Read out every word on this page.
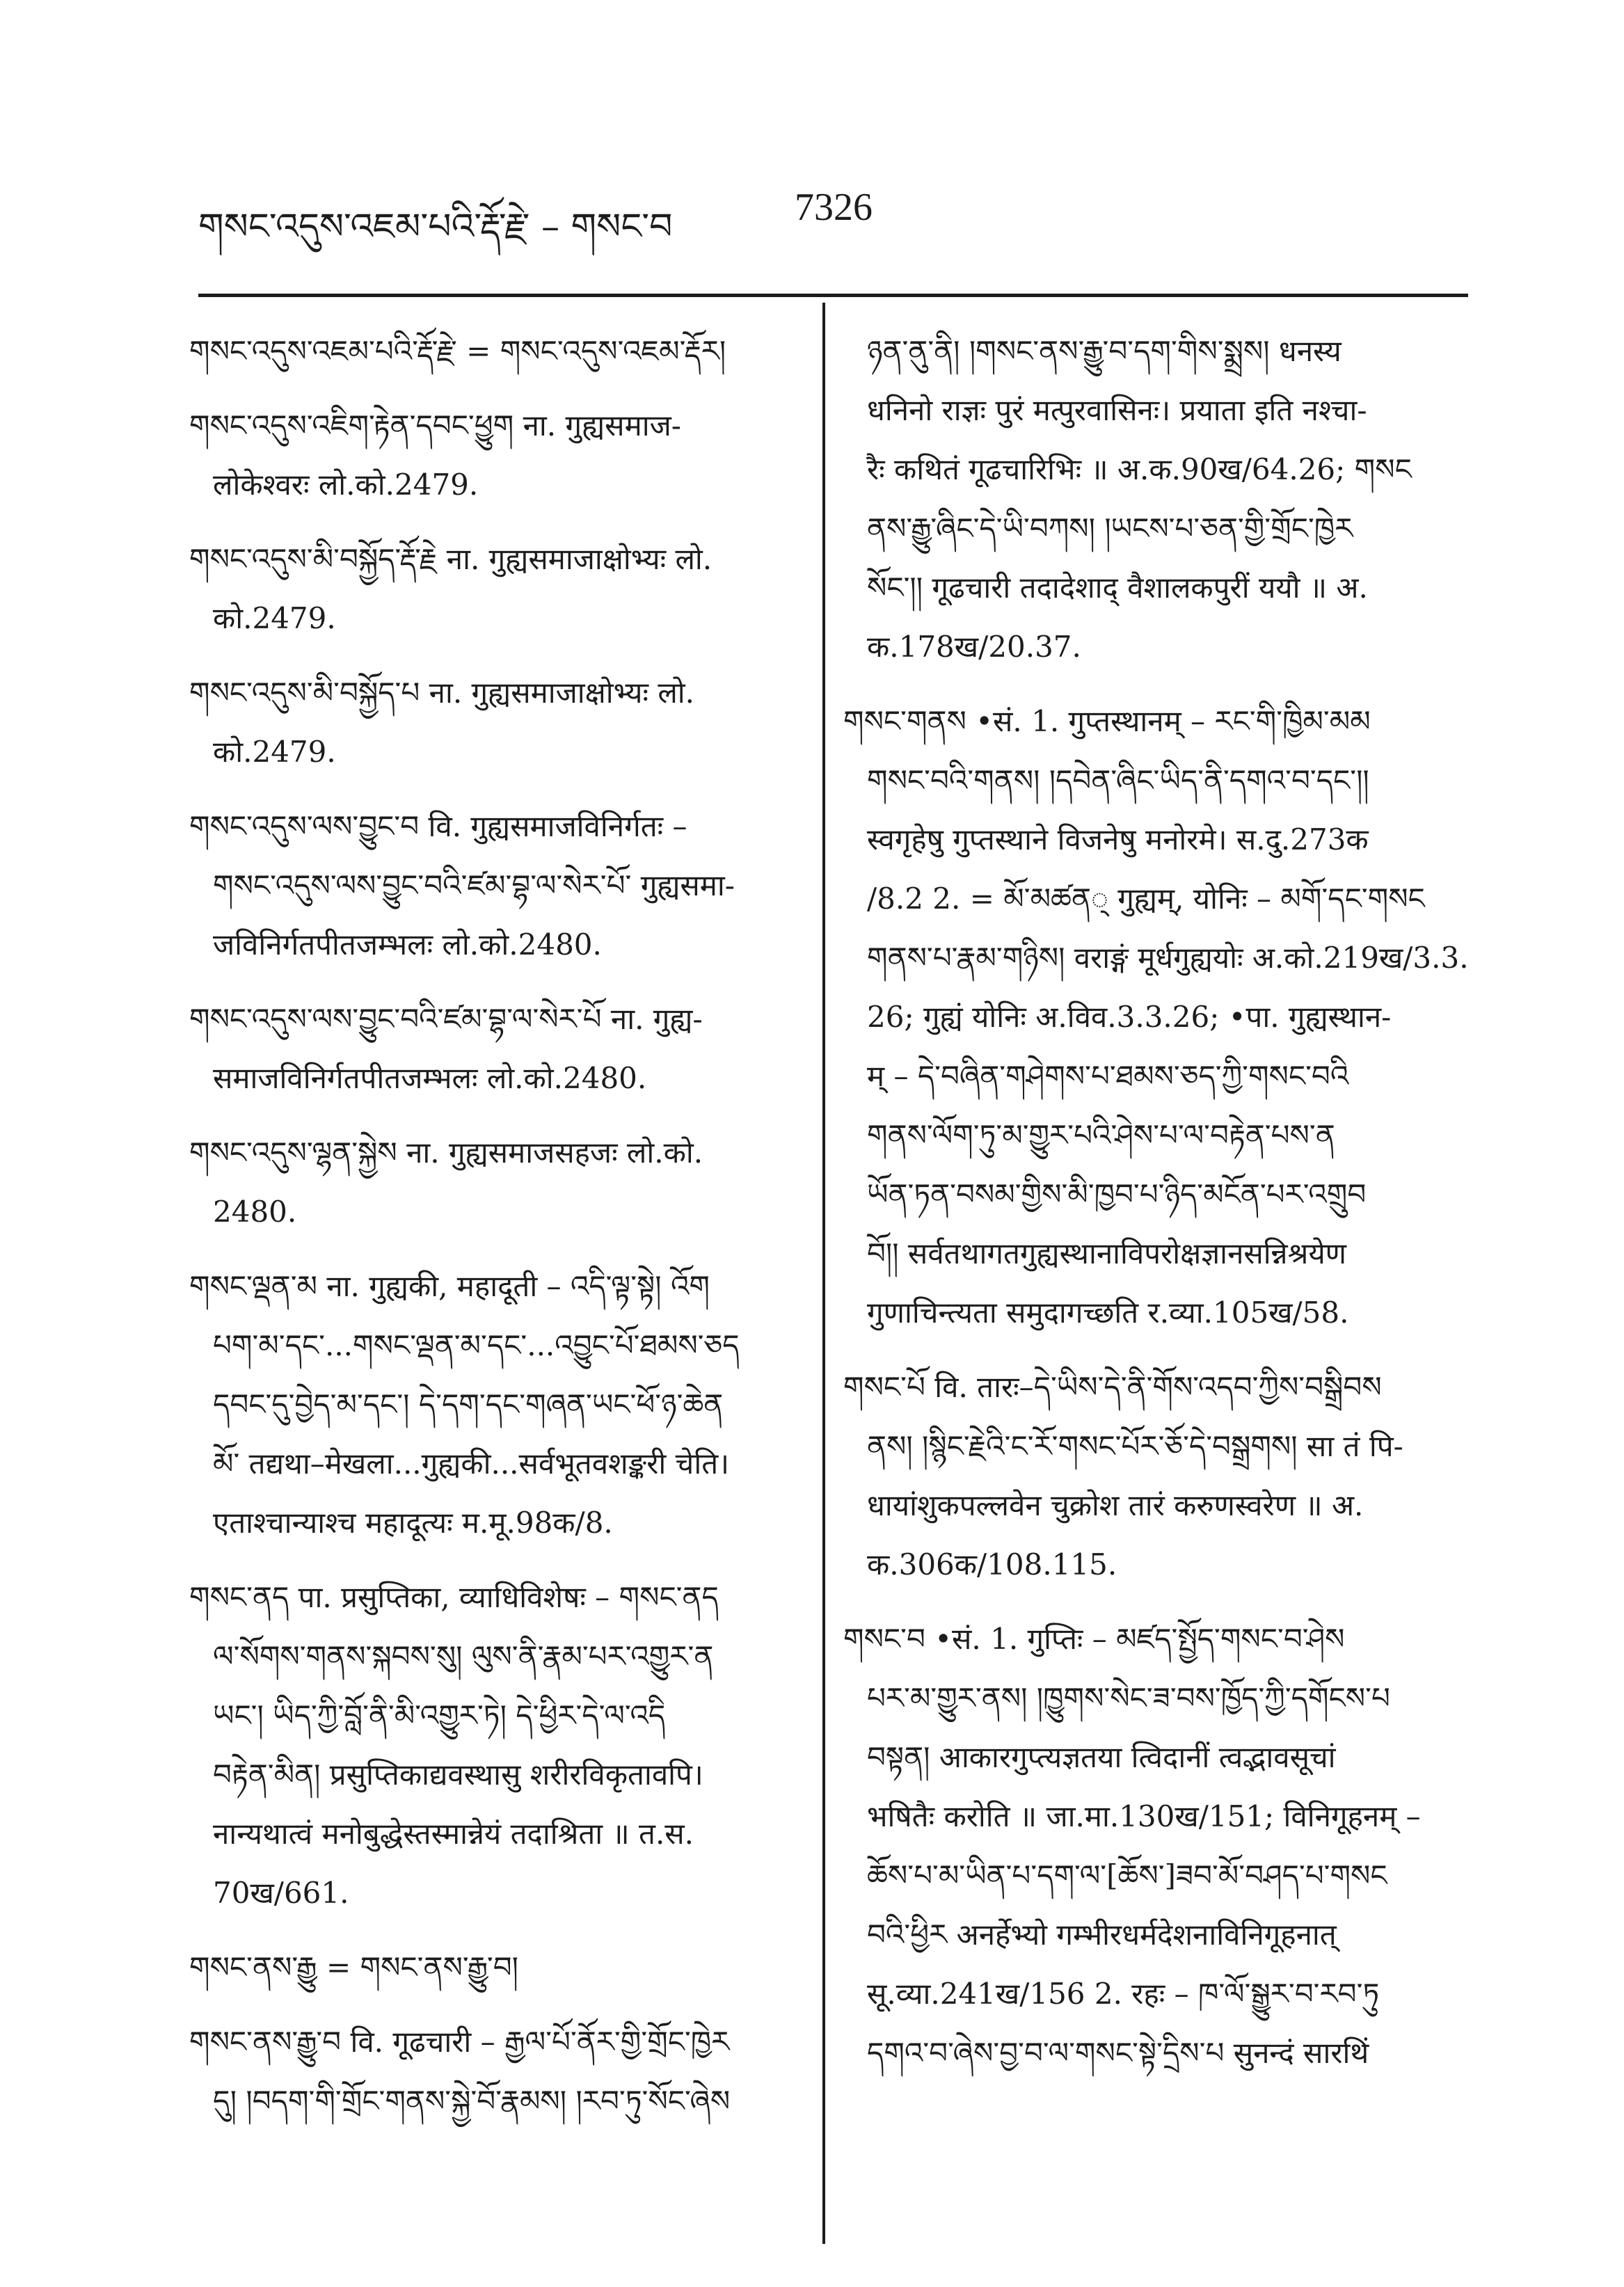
གསང་འདུས་འཇམ་པའི་རྡོ་རྗེ་ – གསང་བ	7326
གསང་འདུས་འཇམ་པའི་རྡོ་རྗེ་ = གསང་འདུས་འཇམ་རྡོར།
གསང་འདུས་འཇིག་རྟེན་དབང་ཕྱུག ना. गुह्यसमाज-
लोकेश्वरः लो.को.2479.
གསང་འདུས་མི་བསྐྱོད་རྡོ་རྗེ ना. गुह्यसमाजाक्षोभ्यः लो.
को.2479.
གསང་འདུས་མི་བསྐྱོད་པ ना. गुह्यसमाजाक्षोभ्यः लो.
को.2479.
གསང་འདུས་ལས་བྱུང་བ वि. गुह्यसमाजविनिर्गतः –
གསང་འདུས་ལས་བྱུང་བའི་ཛམ་བྷ་ལ་སེར་པོ་ गुह्यसमा-
जविनिर्गतपीतजम्भलः लो.को.2480.
གསང་འདུས་ལས་བྱུང་བའི་ཛམ་བྷ་ལ་སེར་པོ ना. गुह्य-
समाजविनिर्गतपीतजम्भलः लो.को.2480.
གསང་འདུས་ལྷན་སྐྱེས ना. गुह्यसमाजसहजः लो.को.
2480.
གསང་ལྡན་མ ना. गुह्यकी, महादूती – འདི་ལྟ་སྟེ། འོག
པག་མ་དང་...གསང་ལྡན་མ་དང་...འབྱུང་པོ་ཐམས་ཅད
དབང་དུ་བྱེད་མ་དང་། དེ་དག་དང་གཞན་ཡང་ཕོ་ཉ་ཆེན
མོ་ तद्यथा–मेखला...गुह्यकी...सर्वभूतवशङ्करी चेति।
एताश्चान्याश्च महादूत्यः म.मू.98क/8.
གསང་ནད पा. प्रसुप्तिका, व्याधिविशेषः – གསང་ནད
ལ་སོགས་གནས་སྐབས་སུ། ལུས་ནི་རྣམ་པར་འགྱུར་ན
ཡང་། ཡིད་ཀྱི་བློ་ནི་མི་འགྱུར་ཏེ། དེ་ཕྱིར་དེ་ལ་འདི
བརྟེན་མིན། प्रसुप्तिकाद्यवस्थासु शरीरविकृतावपि।
नान्यथात्वं मनोबुद्धेस्तस्मान्नेयं तदाश्रिता ॥ त.स.
70ख/661.
གསང་ནས་རྒྱུ = གསང་ནས་རྒྱུ་བ།
གསང་ནས་རྒྱུ་བ वि. गूढचारी – རྒྱལ་པོ་ནོར་གྱི་གྲོང་ཁྱེར
དུ། །བདག་གི་གྲོང་གནས་སྐྱེ་བོ་རྣམས། །རབ་ཏུ་སོང་ཞེས
ཉན་ནུ་ནི། །གསང་ནས་རྒྱུ་བ་དག་གིས་སྨྲས། धनस्य
धनिनो राज्ञः पुरं मत्पुरवासिनः। प्रयाता इति नश्चा-
रैः कथितं गूढचारिभिः ॥ अ.क.90ख/64.26; གསང
ནས་རྒྱུ་ཞིང་དེ་ཡི་བཀས། །ཡངས་པ་ཅན་གྱི་གྲོང་ཁྱེར
སོང་།། गूढचारी तदादेशाद् वैशालकपुरीं ययौ ॥ अ.
क.178ख/20.37.
གསང་གནས •सं. 1. गुप्तस्थानम् – རང་གི་ཁྱིམ་མམ
གསང་བའི་གནས། །དབེན་ཞིང་ཡིད་ནི་དགའ་བ་དང་།།
स्वगृहेषु गुप्तस्थाने विजनेषु मनोरमे। स.दु.273क
/8.2 2. = མོ་མཚན् गुह्यम्, योनिः – མགོ་དང་གསང
གནས་པ་རྣམ་གཉིས། वराङ्गं मूर्धगुह्ययोः अ.को.219ख/3.3.
26; गुह्यं योनिः अ.विव.3.3.26; •पा. गुह्यस्थान-
म् – དེ་བཞིན་གཤེགས་པ་ཐམས་ཅད་ཀྱི་གསང་བའི
གནས་ལོག་ཏུ་མ་གྱུར་པའི་ཤེས་པ་ལ་བརྟེན་པས་ན
ཡོན་ཏན་བསམ་གྱིས་མི་ཁྱབ་པ་ཉིད་མངོན་པར་འགྲུབ
བོ།། सर्वतथागतगुह्यस्थानाविपरोक्षज्ञानसन्निश्रयेण
गुणाचिन्त्यता समुदागच्छति र.व्या.105ख/58.
གསང་པོ वि. तारः–དེ་ཡིས་དེ་ནི་གོས་འདབ་ཀྱིས་བསྒྲིབས
ནས། །སྙིང་རྗེའི་ང་རོ་གསང་པོར་ཅོ་དེ་བསྒྲགས། सा तं पि-
धायांशुकपल्लवेन चुक्रोश तारं करुणस्वरेण ॥ अ.
क.306क/108.115.
གསང་བ •सं. 1. गुप्तिः – མཛད་སྤྱོད་གསང་བ་ཤེས
པར་མ་གྱུར་ནས། །ཁྱུགས་སེང་ཟ་བས་ཁྱོད་ཀྱི་དགོངས་པ
བསྟན། आकारगुप्त्यज्ञतया त्विदानीं त्वद्भावसूचां
भषितैः करोति ॥ जा.मा.130ख/151; विनिगूहनम् –
ཆོས་པ་མ་ཡིན་པ་དག་ལ་[ཆོས་]ཟབ་མོ་བཤད་པ་གསང
བའི་ཕྱིར अनर्हेभ्यो गम्भीरधर्मदेशनाविनिगूहनात्
सू.व्या.241ख/156 2. रहः – ཁ་ལོ་སྒྱུར་བ་རབ་ཏུ
དགའ་བ་ཞེས་བྱ་བ་ལ་གསང་སྟེ་དྲིས་པ सुनन्दं सारथिं
